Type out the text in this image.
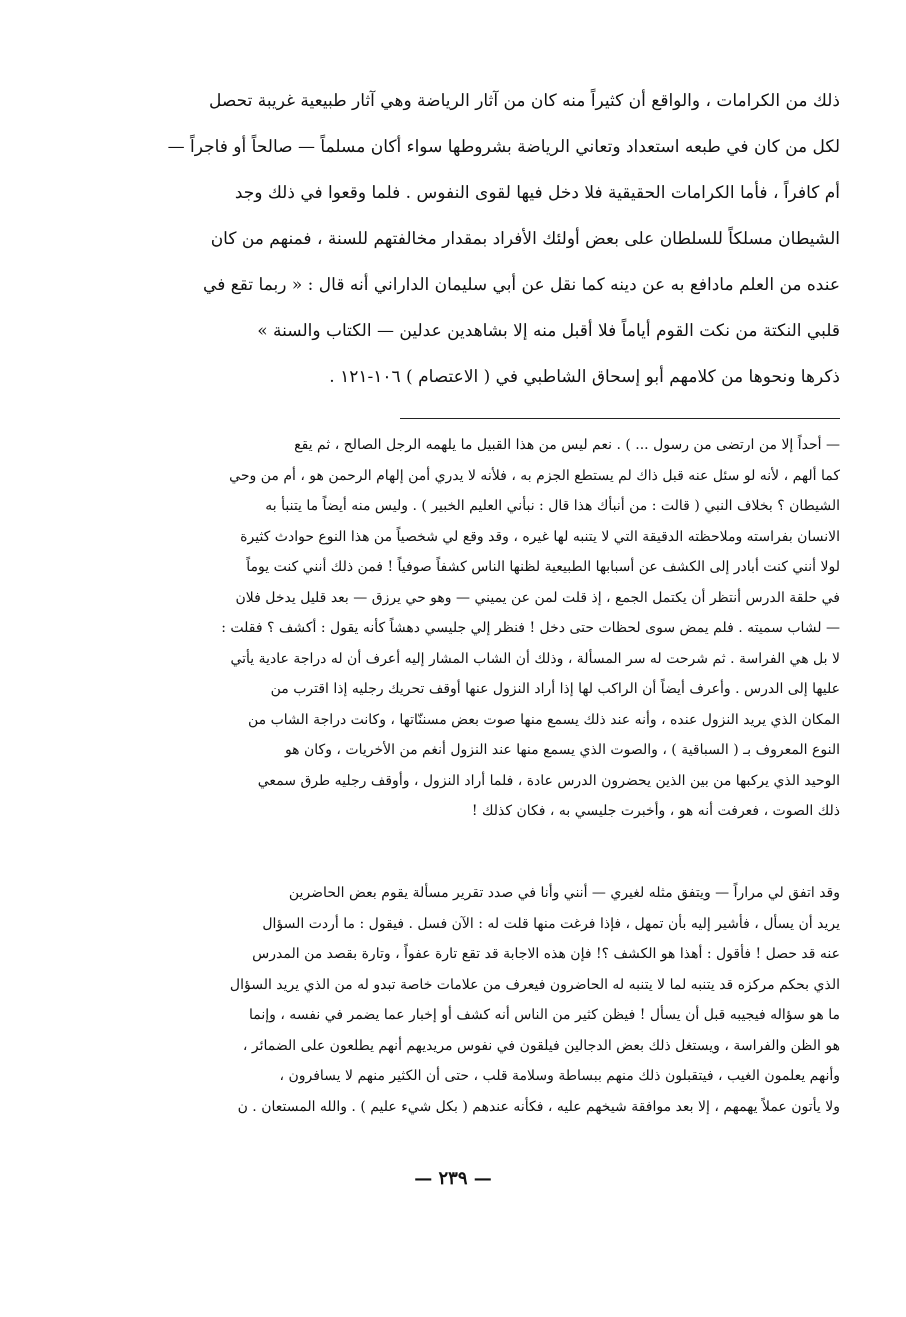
ذلك من الكرامات ، والواقع أن كثيراً منه كان من آثار الرياضة وهي آثار طبيعية غريبة تحصل
لكل من كان في طبعه استعداد وتعاني الرياضة بشروطها سواء أكان مسلماً — صالحاً أو فاجراً —
أم كافراً ، فأما الكرامات الحقيقية فلا دخل فيها لقوى النفوس . فلما وقعوا في ذلك وجد
الشيطان مسلكاً للسلطان على بعض أولئك الأفراد بمقدار مخالفتهم للسنة ، فمنهم من كان
عنده من العلم مادافع به عن دينه كما نقل عن أبي سليمان الداراني أنه قال : « ربما تقع في
قلبي النكتة من نكت القوم أياماً فلا أقبل منه إلا بشاهدين عدلين — الكتاب والسنة »
ذكرها ونحوها من كلامهم أبو إسحاق الشاطبي في ( الاعتصام ) ١٠٦-١٢١ .
— أحداً إلا من ارتضى من رسول ... ) . نعم ليس من هذا القبيل ما يلهمه الرجل الصالح ، ثم يقع
كما ألهم ، لأنه لو سئل عنه قبل ذاك لم يستطع الجزم به ، فلأنه لا يدري أمن إلهام الرحمن هو ، أم من وحي
الشيطان ؟ بخلاف النبي ( قالت : من أنبأك هذا قال : نبأني العليم الخبير ) . وليس منه أيضاً ما يتنبأ به
الانسان بفراسته وملاحظته الدقيقة التي لا يتنبه لها غيره ، وقد وقع لي شخصياً من هذا النوع حوادث كثيرة
لولا أنني كنت أبادر إلى الكشف عن أسبابها الطبيعية لظنها الناس كشفاً صوفياً ! فمن ذلك أنني كنت يوماً
في حلقة الدرس أنتظر أن يكتمل الجمع ، إذ قلت لمن عن يميني — وهو حي يرزق — بعد قليل يدخل فلان
— لشاب سميته . فلم يمض سوى لحظات حتى دخل ! فنظر إلي جليسي دهشاً كأنه يقول : أكشف ؟ فقلت :
لا بل هي الفراسة . ثم شرحت له سر المسألة ، وذلك أن الشاب المشار إليه أعرف أن له دراجة عادية يأتي
عليها إلى الدرس . وأعرف أيضاً أن الراكب لها إذا أراد النزول عنها أوقف تحريك رجليه إذا اقترب من
المكان الذي يريد النزول عنده ، وأنه عند ذلك يسمع منها صوت بعض مسننّاتها ، وكانت دراجة الشاب من
النوع المعروف بـ ( السباقية ) ، والصوت الذي يسمع منها عند النزول أنغم من الأخريات ، وكان هو
الوحيد الذي يركبها من بين الذين يحضرون الدرس عادة ، فلما أراد النزول ، وأوقف رجليه طرق سمعي
ذلك الصوت ، فعرفت أنه هو ، وأخبرت جليسي به ، فكان كذلك !
وقد اتفق لي مراراً — ويتفق مثله لغيري — أنني وأنا في صدد تقرير مسألة يقوم بعض الحاضرين
يريد أن يسأل ، فأشير إليه بأن تمهل ، فإذا فرغت منها قلت له : الآن فسل . فيقول : ما أردت السؤال
عنه قد حصل ! فأقول : أهذا هو الكشف ؟! فإن هذه الاجابة قد تقع تارة عفواً ، وتارة بقصد من المدرس
الذي بحكم مركزه قد يتنبه لما لا يتنبه له الحاضرون فيعرف من علامات خاصة تبدو له من الذي يريد السؤال
ما هو سؤاله فيجيبه قبل أن يسأل ! فيظن كثير من الناس أنه كشف أو إخبار عما يضمر في نفسه ، وإنما
هو الظن والفراسة ، ويستغل ذلك بعض الدجالين فيلقون في نفوس مريديهم أنهم يطلعون على الضمائر ،
وأنهم يعلمون الغيب ، فيتقبلون ذلك منهم ببساطة وسلامة قلب ، حتى أن الكثير منهم لا يسافرون ،
ولا يأتون عملاً يهمهم ، إلا بعد موافقة شيخهم عليه ، فكأنه عندهم ( بكل شيء عليم ) . والله المستعان . ن
— ٢٣٩ —
